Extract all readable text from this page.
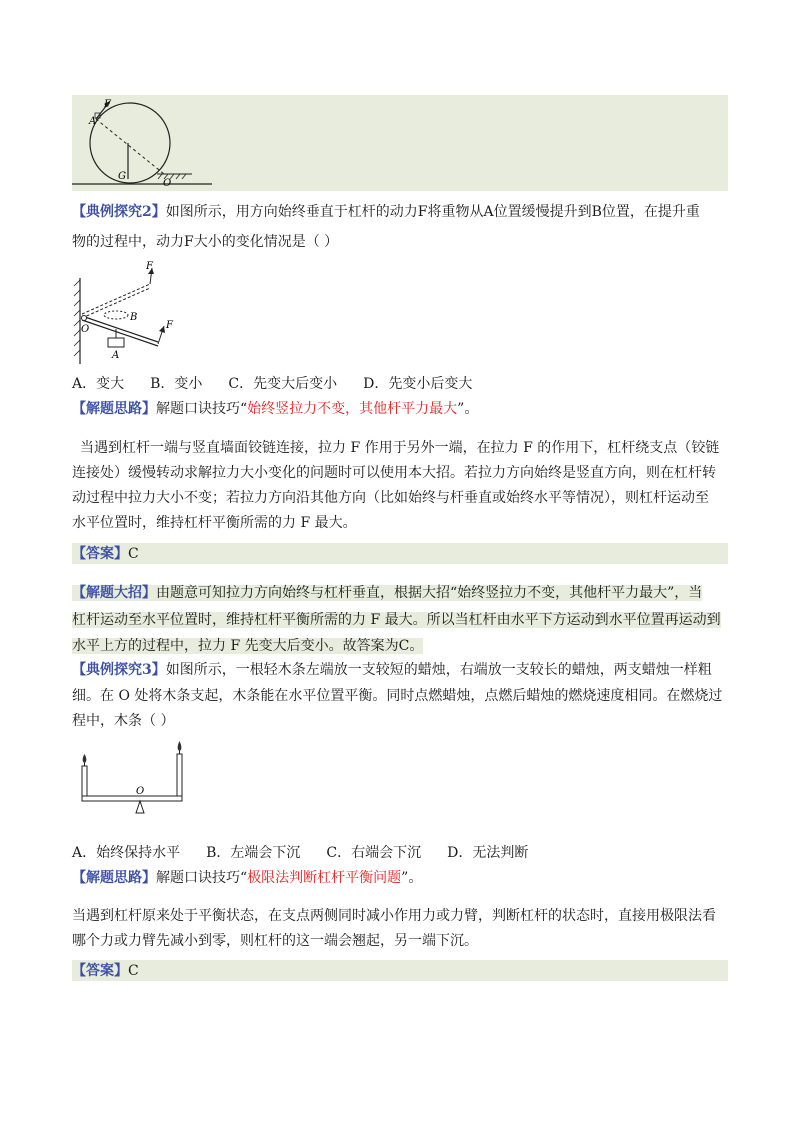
F
A
G
O
【典例探究2】如图所示，用方向始终垂直于杠杆的动力F将重物从A位置缓慢提升到B位置，在提升重
物的过程中，动力F大小的变化情况是（ ）
F
O
B
A
F
A．变大 B．变小 C．先变大后变小 D．先变小后变大
【解题思路】解题口诀技巧“始终竖拉力不变，其他杆平力最大”。
当遇到杠杆一端与竖直墙面铰链连接，拉力 F 作用于另外一端，在拉力 F 的作用下，杠杆绕支点（铰链
连接处）缓慢转动求解拉力大小变化的问题时可以使用本大招。若拉力方向始终是竖直方向，则在杠杆转
动过程中拉力大小不变；若拉力方向沿其他方向（比如始终与杆垂直或始终水平等情况），则杠杆运动至
水平位置时，维持杠杆平衡所需的力 F 最大。
【答案】C
【解题大招】由题意可知拉力方向始终与杠杆垂直，根据大招“始终竖拉力不变，其他杆平力最大”，当
杠杆运动至水平位置时，维持杠杆平衡所需的力 F 最大。所以当杠杆由水平下方运动到水平位置再运动到
水平上方的过程中，拉力 F 先变大后变小。故答案为C。
【典例探究3】如图所示，一根轻木条左端放一支较短的蜡烛，右端放一支较长的蜡烛，两支蜡烛一样粗
细。在 O 处将木条支起，木条能在水平位置平衡。同时点燃蜡烛，点燃后蜡烛的燃烧速度相同。在燃烧过
程中，木条（ ）
O
A．始终保持水平 B．左端会下沉 C．右端会下沉 D．无法判断
【解题思路】解题口诀技巧“极限法判断杠杆平衡问题”。
当遇到杠杆原来处于平衡状态，在支点两侧同时减小作用力或力臂，判断杠杆的状态时，直接用极限法看
哪个力或力臂先减小到零，则杠杆的这一端会翘起，另一端下沉。
【答案】C
